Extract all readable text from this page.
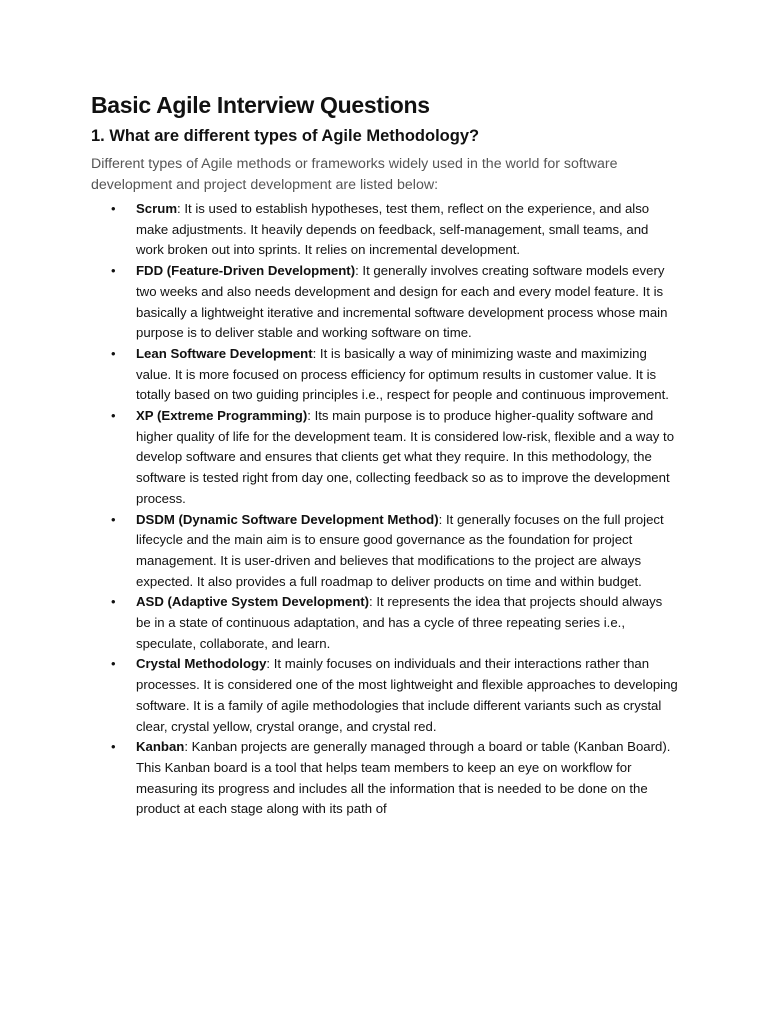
Basic Agile Interview Questions
1. What are different types of Agile Methodology?

Different types of Agile methods or frameworks widely used in the world for software development and project development are listed below:

• Scrum: It is used to establish hypotheses, test them, reflect on the experience, and also make adjustments. It heavily depends on feedback, self-management, small teams, and work broken out into sprints. It relies on incremental development.
• FDD (Feature-Driven Development): It generally involves creating software models every two weeks and also needs development and design for each and every model feature. It is basically a lightweight iterative and incremental software development process whose main purpose is to deliver stable and working software on time.
• Lean Software Development: It is basically a way of minimizing waste and maximizing value. It is more focused on process efficiency for optimum results in customer value. It is totally based on two guiding principles i.e., respect for people and continuous improvement.
• XP (Extreme Programming): Its main purpose is to produce higher-quality software and higher quality of life for the development team. It is considered low-risk, flexible and a way to develop software and ensures that clients get what they require. In this methodology, the software is tested right from day one, collecting feedback so as to improve the development process.
• DSDM (Dynamic Software Development Method): It generally focuses on the full project lifecycle and the main aim is to ensure good governance as the foundation for project management. It is user-driven and believes that modifications to the project are always expected. It also provides a full roadmap to deliver products on time and within budget.
• ASD (Adaptive System Development): It represents the idea that projects should always be in a state of continuous adaptation, and has a cycle of three repeating series i.e., speculate, collaborate, and learn.
• Crystal Methodology: It mainly focuses on individuals and their interactions rather than processes. It is considered one of the most lightweight and flexible approaches to developing software. It is a family of agile methodologies that include different variants such as crystal clear, crystal yellow, crystal orange, and crystal red.
• Kanban: Kanban projects are generally managed through a board or table (Kanban Board). This Kanban board is a tool that helps team members to keep an eye on workflow for measuring its progress and includes all the information that is needed to be done on the product at each stage along with its path of
